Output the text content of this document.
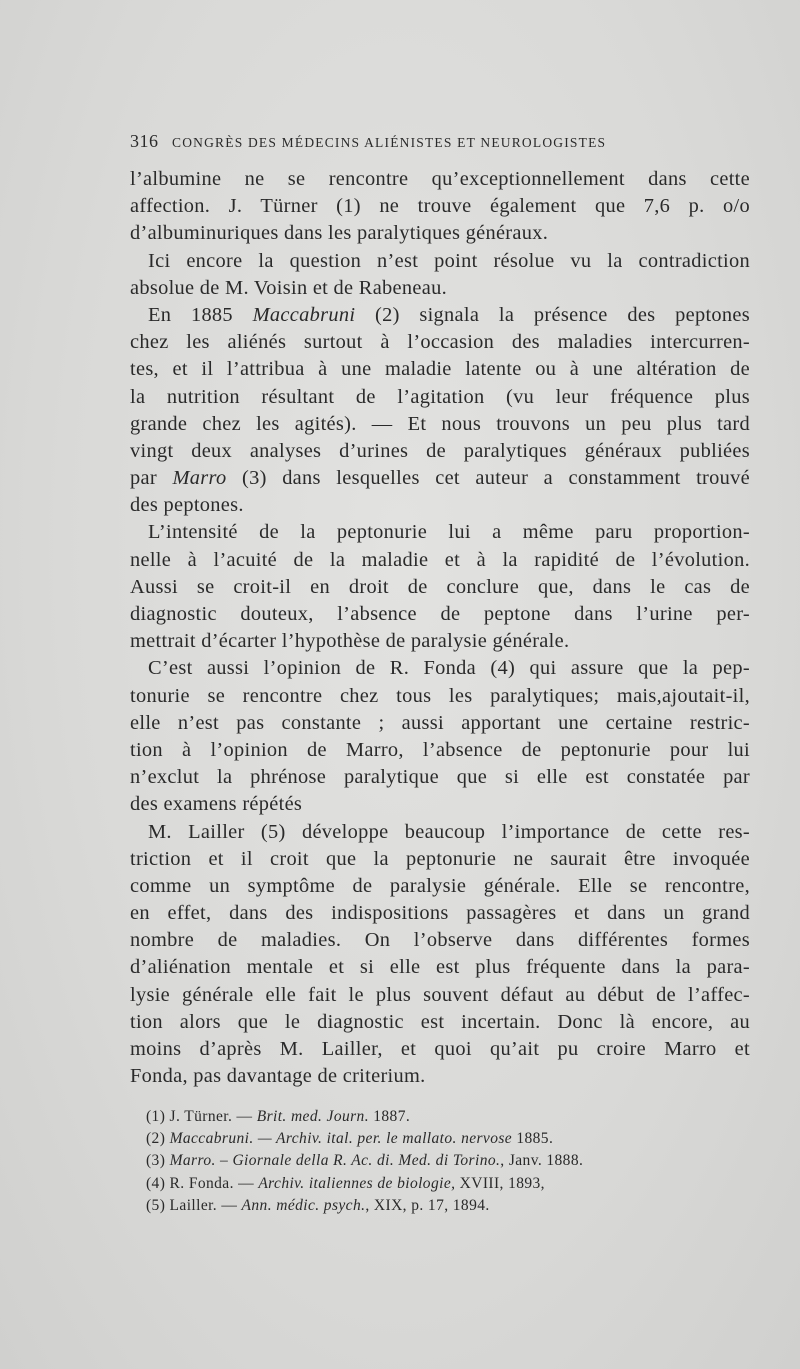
316 CONGRÈS DES MÉDECINS ALIÉNISTES ET NEUROLOGISTES
l’albumine ne se rencontre qu’exceptionnellement dans cette
affection. J. Türner (1) ne trouve également que 7,6 p. o/o
d’albuminuriques dans les paralytiques généraux.
Ici encore la question n’est point résolue vu la contradiction
absolue de M. Voisin et de Rabeneau.
En 1885 Maccabruni (2) signala la présence des peptones
chez les aliénés surtout à l’occasion des maladies intercurren-
tes, et il l’attribua à une maladie latente ou à une altération de
la nutrition résultant de l’agitation (vu leur fréquence plus
grande chez les agités). — Et nous trouvons un peu plus tard
vingt deux analyses d’urines de paralytiques généraux publiées
par Marro (3) dans lesquelles cet auteur a constamment trouvé
des peptones.
L’intensité de la peptonurie lui a même paru proportion-
nelle à l’acuité de la maladie et à la rapidité de l’évolution.
Aussi se croit-il en droit de conclure que, dans le cas de
diagnostic douteux, l’absence de peptone dans l’urine per-
mettrait d’écarter l’hypothèse de paralysie générale.
C’est aussi l’opinion de R. Fonda (4) qui assure que la pep-
tonurie se rencontre chez tous les paralytiques; mais,ajoutait-il,
elle n’est pas constante ; aussi apportant une certaine restric-
tion à l’opinion de Marro, l’absence de peptonurie pour lui
n’exclut la phrénose paralytique que si elle est constatée par
des examens répétés
M. Lailler (5) développe beaucoup l’importance de cette res-
triction et il croit que la peptonurie ne saurait être invoquée
comme un symptôme de paralysie générale. Elle se rencontre,
en effet, dans des indispositions passagères et dans un grand
nombre de maladies. On l’observe dans différentes formes
d’aliénation mentale et si elle est plus fréquente dans la para-
lysie générale elle fait le plus souvent défaut au début de l’affec-
tion alors que le diagnostic est incertain. Donc là encore, au
moins d’après M. Lailler, et quoi qu’ait pu croire Marro et
Fonda, pas davantage de criterium.
(1) J. Türner. — Brit. med. Journ. 1887.
(2) Maccabruni. — Archiv. ital. per. le mallato. nervose 1885.
(3) Marro. – Giornale della R. Ac. di. Med. di Torino., Janv. 1888.
(4) R. Fonda. — Archiv. italiennes de biologie, XVIII, 1893,
(5) Lailler. — Ann. médic. psych., XIX, p. 17, 1894.
